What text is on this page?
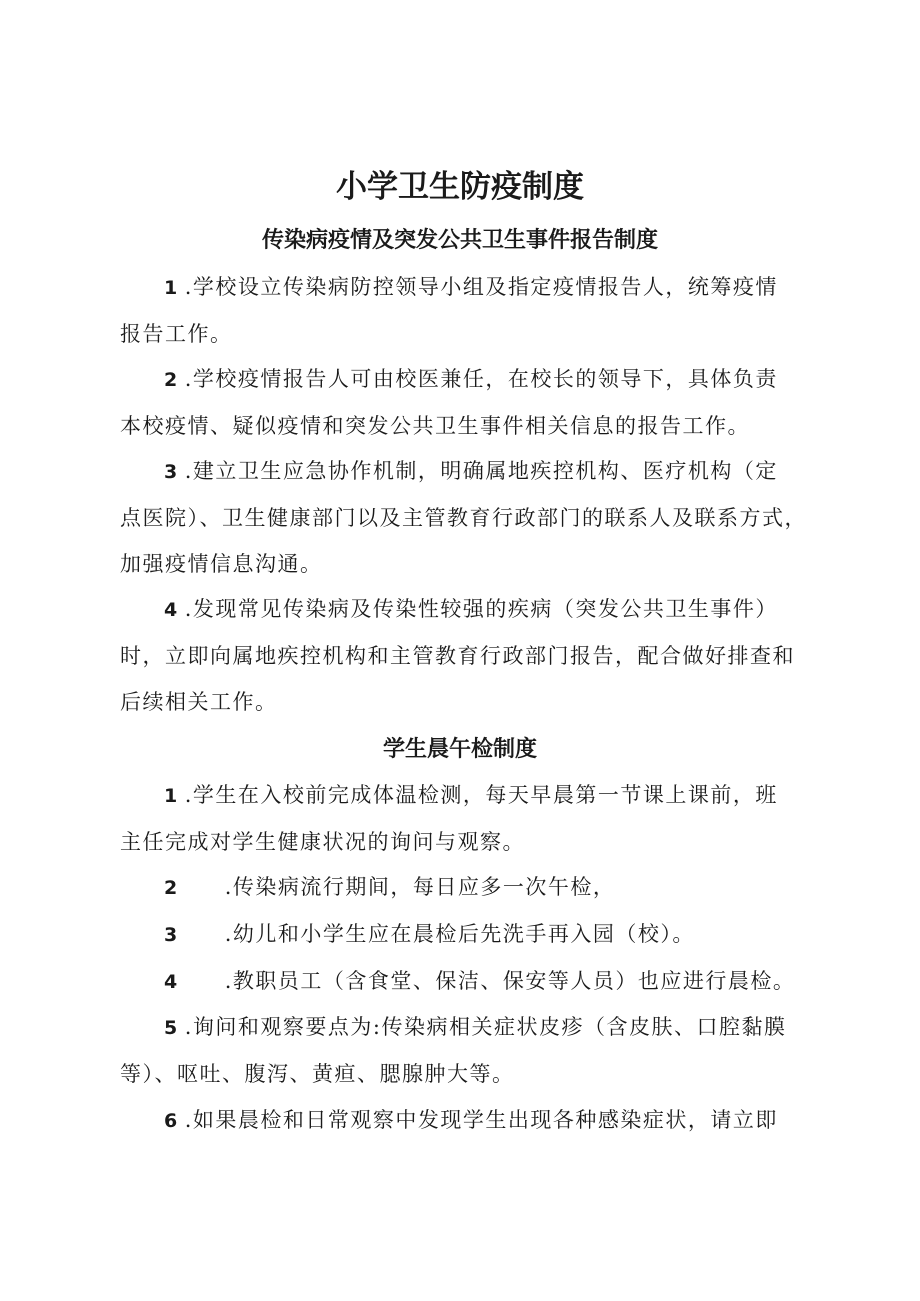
小学卫生防疫制度
传染病疫情及突发公共卫生事件报告制度
1 .学校设立传染病防控领导小组及指定疫情报告人，统筹疫情
报告工作。
2 .学校疫情报告人可由校医兼任，在校长的领导下，具体负责
本校疫情、疑似疫情和突发公共卫生事件相关信息的报告工作。
3 .建立卫生应急协作机制，明确属地疾控机构、医疗机构（定
点医院）、卫生健康部门以及主管教育行政部门的联系人及联系方式，
加强疫情信息沟通。
4 .发现常见传染病及传染性较强的疾病（突发公共卫生事件）
时，立即向属地疾控机构和主管教育行政部门报告，配合做好排查和
后续相关工作。
学生晨午检制度
1 .学生在入校前完成体温检测，每天早晨第一节课上课前，班
主任完成对学生健康状况的询问与观察。
2 .传染病流行期间，每日应多一次午检，
3 .幼儿和小学生应在晨检后先洗手再入园（校）。
4 .教职员工（含食堂、保洁、保安等人员）也应进行晨检。
5 .询问和观察要点为:传染病相关症状皮疹（含皮肤、口腔黏膜
等）、呕吐、腹泻、黄疸、腮腺肿大等。
6 .如果晨检和日常观察中发现学生出现各种感染症状，请立即
